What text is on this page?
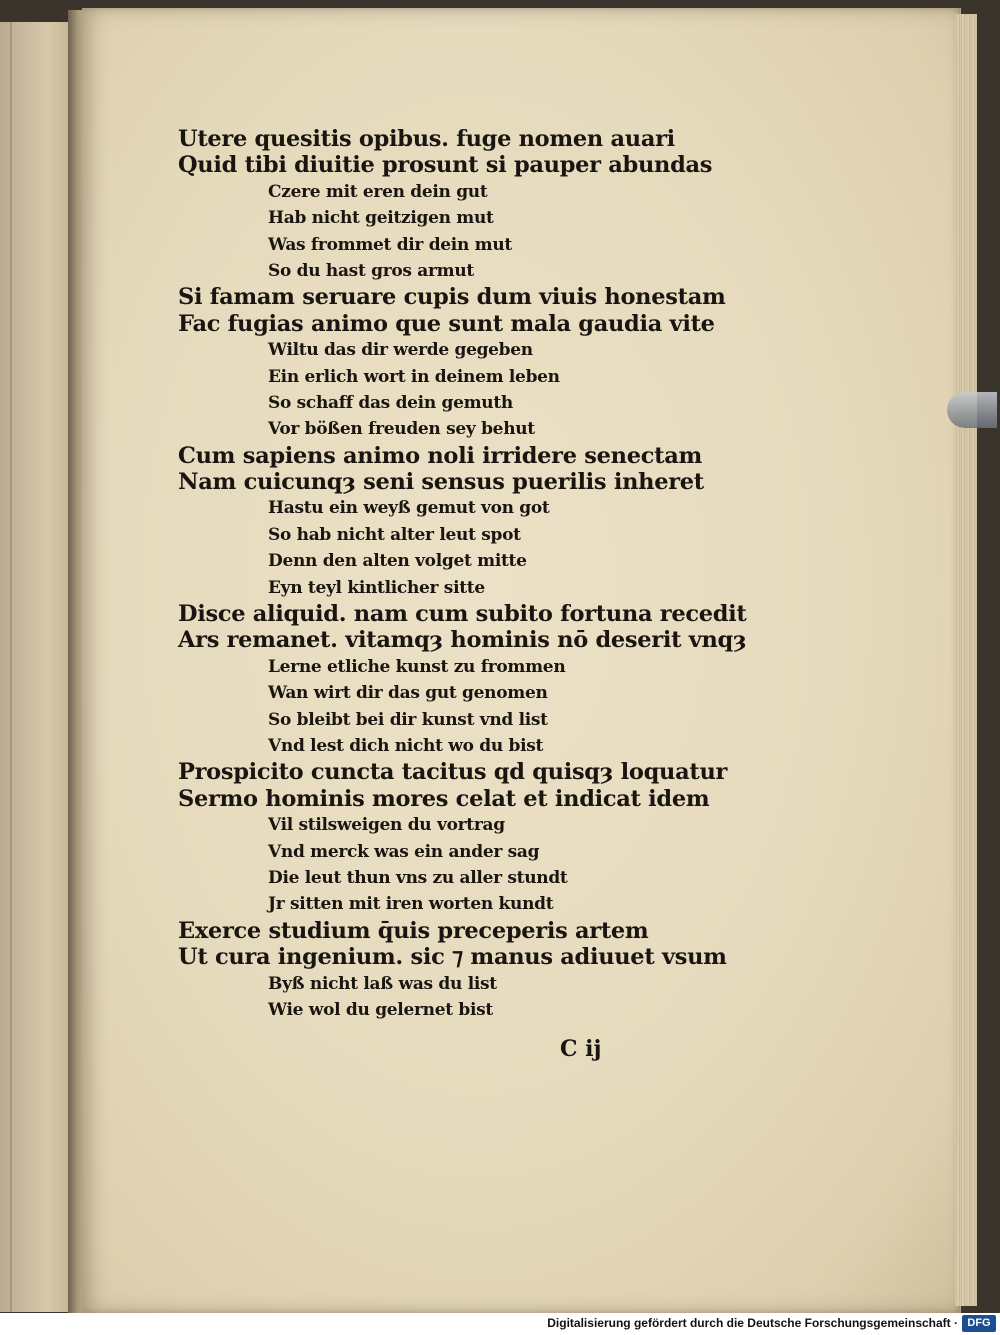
Utere quesitis opibus. fuge nomen auari
Quid tibi diuitie prosunt si pauper abundas
Czere mit eren dein gut
Hab nicht geitzigen mut
Was frommet dir dein mut
So du hast gros armut
Si famam seruare cupis dum viuis honestam
Fac fugias animo que sunt mala gaudia vite
Wiltu das dir werde gegeben
Ein erlich wort in deinem leben
So schaff das dein gemuth
Vor bößen freuden sey behut
Cum sapiens animo noli irridere senectam
Nam cuicunqȝ seni sensus puerilis inheret
Hastu ein weyß gemut von got
So hab nicht alter leut spot
Denn den alten volget mitte
Eyn teyl kintlicher sitte
Disce aliquid. nam cum subito fortuna recedit
Ars remanet. vitamqȝ hominis nō deserit vnqȝ
Lerne etliche kunst zu frommen
Wan wirt dir das gut genomen
So bleibt bei dir kunst vnd list
Vnd lest dich nicht wo du bist
Prospicito cuncta tacitus qd quisqȝ loquatur
Sermo hominis mores celat et indicat idem
Vil stilsweigen du vortrag
Vnd merck was ein ander sag
Die leut thun vns zu aller stundt
Jr sitten mit iren worten kundt
Exerce studium q̄uis preceperis artem
Ut cura ingenium. sic ⁊ manus adiuuet vsum
Byß nicht laß was du list
Wie wol du gelernet bist
C ij
Digitalisierung gefördert durch die Deutsche Forschungsgemeinschaft · DFG
